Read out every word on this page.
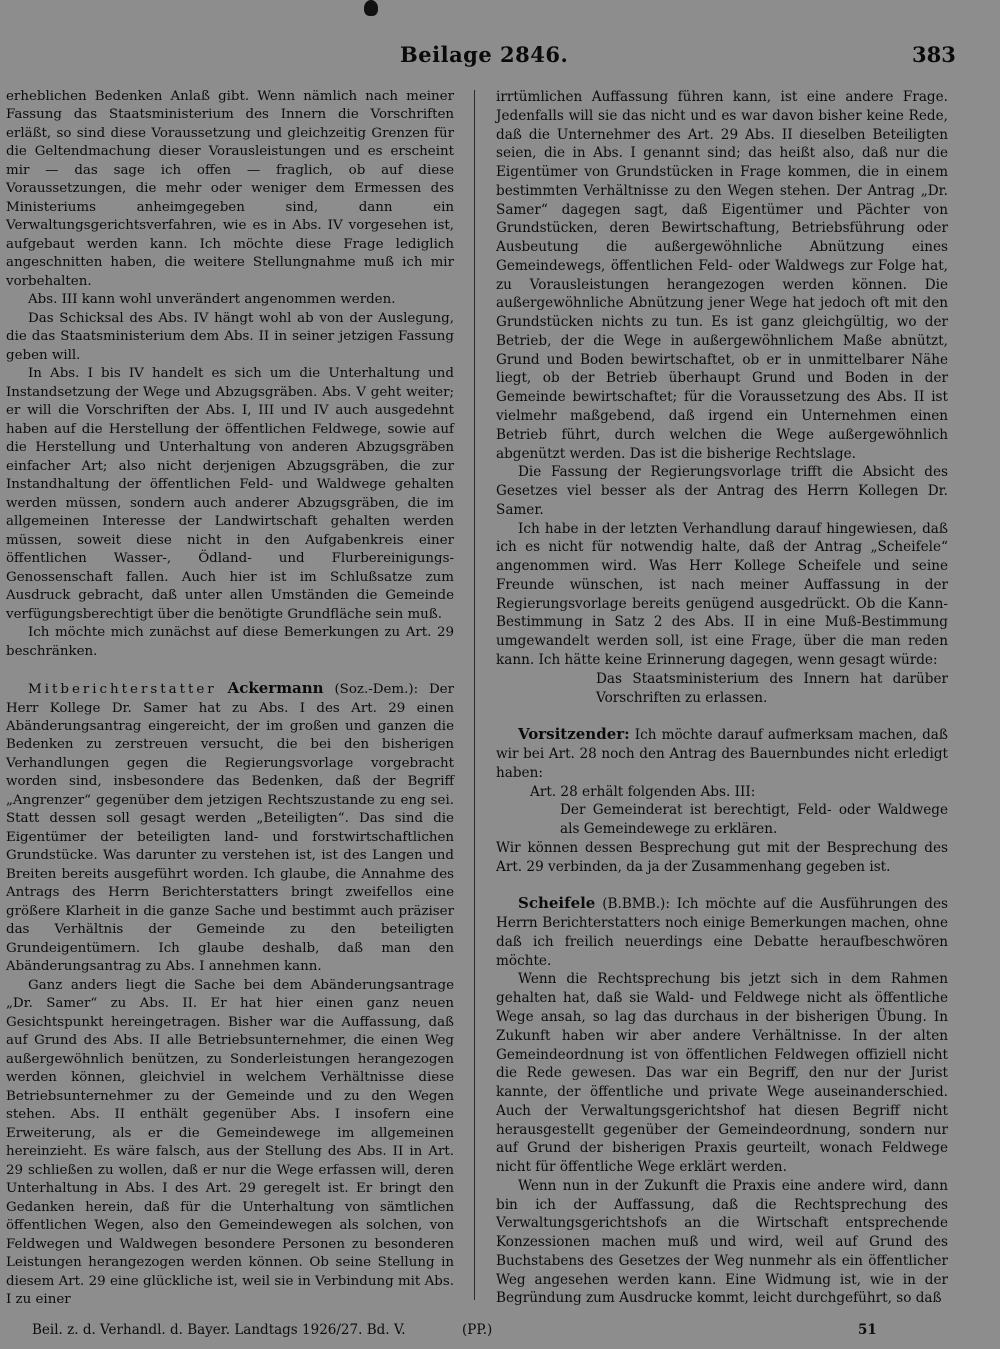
Beilage 2846.	383

erheblichen Bedenken Anlaß gibt. Wenn nämlich nach meiner Fassung das Staatsministerium des Innern die Vorschriften erläßt, so sind diese Voraussetzung und gleichzeitig Grenzen für die Geltendmachung dieser Vorausleistungen und es erscheint mir — das sage ich offen — fraglich, ob auf diese Voraussetzungen, die mehr oder weniger dem Ermessen des Ministeriums anheimgegeben sind, dann ein Verwaltungsgerichtsverfahren, wie es in Abs. IV vorgesehen ist, aufgebaut werden kann. Ich möchte diese Frage lediglich angeschnitten haben, die weitere Stellungnahme muß ich mir vorbehalten.

Abs. III kann wohl unverändert angenommen werden.

Das Schicksal des Abs. IV hängt wohl ab von der Auslegung, die das Staatsministerium dem Abs. II in seiner jetzigen Fassung geben will.

In Abs. I bis IV handelt es sich um die Unterhaltung und Instandsetzung der Wege und Abzugsgräben. Abs. V geht weiter; er will die Vorschriften der Abs. I, III und IV auch ausgedehnt haben auf die Herstellung der öffentlichen Feldwege, sowie auf die Herstellung und Unterhaltung von anderen Abzugsgräben einfacher Art; also nicht derjenigen Abzugsgräben, die zur Instandhaltung der öffentlichen Feld- und Waldwege gehalten werden müssen, sondern auch anderer Abzugsgräben, die im allgemeinen Interesse der Landwirtschaft gehalten werden müssen, soweit diese nicht in den Aufgabenkreis einer öffentlichen Wasser-, Ödland- und Flurbereinigungs-Genossenschaft fallen. Auch hier ist im Schlußsatze zum Ausdruck gebracht, daß unter allen Umständen die Gemeinde verfügungsberechtigt über die benötigte Grundfläche sein muß.

Ich möchte mich zunächst auf diese Bemerkungen zu Art. 29 beschränken.

Mitberichterstatter Ackermann (Soz.-Dem.): Der Herr Kollege Dr. Samer hat zu Abs. I des Art. 29 einen Abänderungsantrag eingereicht, der im großen und ganzen die Bedenken zu zerstreuen versucht, die bei den bisherigen Verhandlungen gegen die Regierungsvorlage vorgebracht worden sind, insbesondere das Bedenken, daß der Begriff „Angrenzer“ gegenüber dem jetzigen Rechtszustande zu eng sei. Statt dessen soll gesagt werden „Beteiligten“. Das sind die Eigentümer der beteiligten land- und forstwirtschaftlichen Grundstücke. Was darunter zu verstehen ist, ist des Langen und Breiten bereits ausgeführt worden. Ich glaube, die Annahme des Antrags des Herrn Berichterstatters bringt zweifellos eine größere Klarheit in die ganze Sache und bestimmt auch präziser das Verhältnis der Gemeinde zu den beteiligten Grundeigentümern. Ich glaube deshalb, daß man den Abänderungsantrag zu Abs. I annehmen kann.

Ganz anders liegt die Sache bei dem Abänderungsantrage „Dr. Samer“ zu Abs. II. Er hat hier einen ganz neuen Gesichtspunkt hereingetragen. Bisher war die Auffassung, daß auf Grund des Abs. II alle Betriebsunternehmer, die einen Weg außergewöhnlich benützen, zu Sonderleistungen herangezogen werden können, gleichviel in welchem Verhältnisse diese Betriebsunternehmer zu der Gemeinde und zu den Wegen stehen. Abs. II enthält gegenüber Abs. I insofern eine Erweiterung, als er die Gemeindewege im allgemeinen hereinzieht. Es wäre falsch, aus der Stellung des Abs. II in Art. 29 schließen zu wollen, daß er nur die Wege erfassen will, deren Unterhaltung in Abs. I des Art. 29 geregelt ist. Er bringt den Gedanken herein, daß für die Unterhaltung von sämtlichen öffentlichen Wegen, also den Gemeindewegen als solchen, von Feldwegen und Waldwegen besondere Personen zu besonderen Leistungen herangezogen werden können. Ob seine Stellung in diesem Art. 29 eine glückliche ist, weil sie in Verbindung mit Abs. I zu einer

irrtümlichen Auffassung führen kann, ist eine andere Frage. Jedenfalls will sie das nicht und es war davon bisher keine Rede, daß die Unternehmer des Art. 29 Abs. II dieselben Beteiligten seien, die in Abs. I genannt sind; das heißt also, daß nur die Eigentümer von Grundstücken in Frage kommen, die in einem bestimmten Verhältnisse zu den Wegen stehen. Der Antrag „Dr. Samer“ dagegen sagt, daß Eigentümer und Pächter von Grundstücken, deren Bewirtschaftung, Betriebsführung oder Ausbeutung die außergewöhnliche Abnützung eines Gemeindewegs, öffentlichen Feld- oder Waldwegs zur Folge hat, zu Vorausleistungen herangezogen werden können. Die außergewöhnliche Abnützung jener Wege hat jedoch oft mit den Grundstücken nichts zu tun. Es ist ganz gleichgültig, wo der Betrieb, der die Wege in außergewöhnlichem Maße abnützt, Grund und Boden bewirtschaftet, ob er in unmittelbarer Nähe liegt, ob der Betrieb überhaupt Grund und Boden in der Gemeinde bewirtschaftet; für die Voraussetzung des Abs. II ist vielmehr maßgebend, daß irgend ein Unternehmen einen Betrieb führt, durch welchen die Wege außergewöhnlich abgenützt werden. Das ist die bisherige Rechtslage.

Die Fassung der Regierungsvorlage trifft die Absicht des Gesetzes viel besser als der Antrag des Herrn Kollegen Dr. Samer.

Ich habe in der letzten Verhandlung darauf hingewiesen, daß ich es nicht für notwendig halte, daß der Antrag „Scheifele“ angenommen wird. Was Herr Kollege Scheifele und seine Freunde wünschen, ist nach meiner Auffassung in der Regierungsvorlage bereits genügend ausgedrückt. Ob die Kann-Bestimmung in Satz 2 des Abs. II in eine Muß-Bestimmung umgewandelt werden soll, ist eine Frage, über die man reden kann. Ich hätte keine Erinnerung dagegen, wenn gesagt würde:

Das Staatsministerium des Innern hat darüber Vorschriften zu erlassen.

Vorsitzender: Ich möchte darauf aufmerksam machen, daß wir bei Art. 28 noch den Antrag des Bauernbundes nicht erledigt haben:

Art. 28 erhält folgenden Abs. III:

Der Gemeinderat ist berechtigt, Feld- oder Waldwege als Gemeindewege zu erklären.

Wir können dessen Besprechung gut mit der Besprechung des Art. 29 verbinden, da ja der Zusammenhang gegeben ist.

Scheifele (B.BMB.): Ich möchte auf die Ausführungen des Herrn Berichterstatters noch einige Bemerkungen machen, ohne daß ich freilich neuerdings eine Debatte heraufbeschwören möchte.

Wenn die Rechtsprechung bis jetzt sich in dem Rahmen gehalten hat, daß sie Wald- und Feldwege nicht als öffentliche Wege ansah, so lag das durchaus in der bisherigen Übung. In Zukunft haben wir aber andere Verhältnisse. In der alten Gemeindeordnung ist von öffentlichen Feldwegen offiziell nicht die Rede gewesen. Das war ein Begriff, den nur der Jurist kannte, der öffentliche und private Wege auseinanderschied. Auch der Verwaltungsgerichtshof hat diesen Begriff nicht herausgestellt gegenüber der Gemeindeordnung, sondern nur auf Grund der bisherigen Praxis geurteilt, wonach Feldwege nicht für öffentliche Wege erklärt werden.

Wenn nun in der Zukunft die Praxis eine andere wird, dann bin ich der Auffassung, daß die Rechtsprechung des Verwaltungsgerichtshofs an die Wirtschaft entsprechende Konzessionen machen muß und wird, weil auf Grund des Buchstabens des Gesetzes der Weg nunmehr als ein öffentlicher Weg angesehen werden kann. Eine Widmung ist, wie in der Begründung zum Ausdrucke kommt, leicht durchgeführt, so daß

Beil. z. d. Verhandl. d. Bayer. Landtags 1926/27. Bd. V.	(PP.)	51
